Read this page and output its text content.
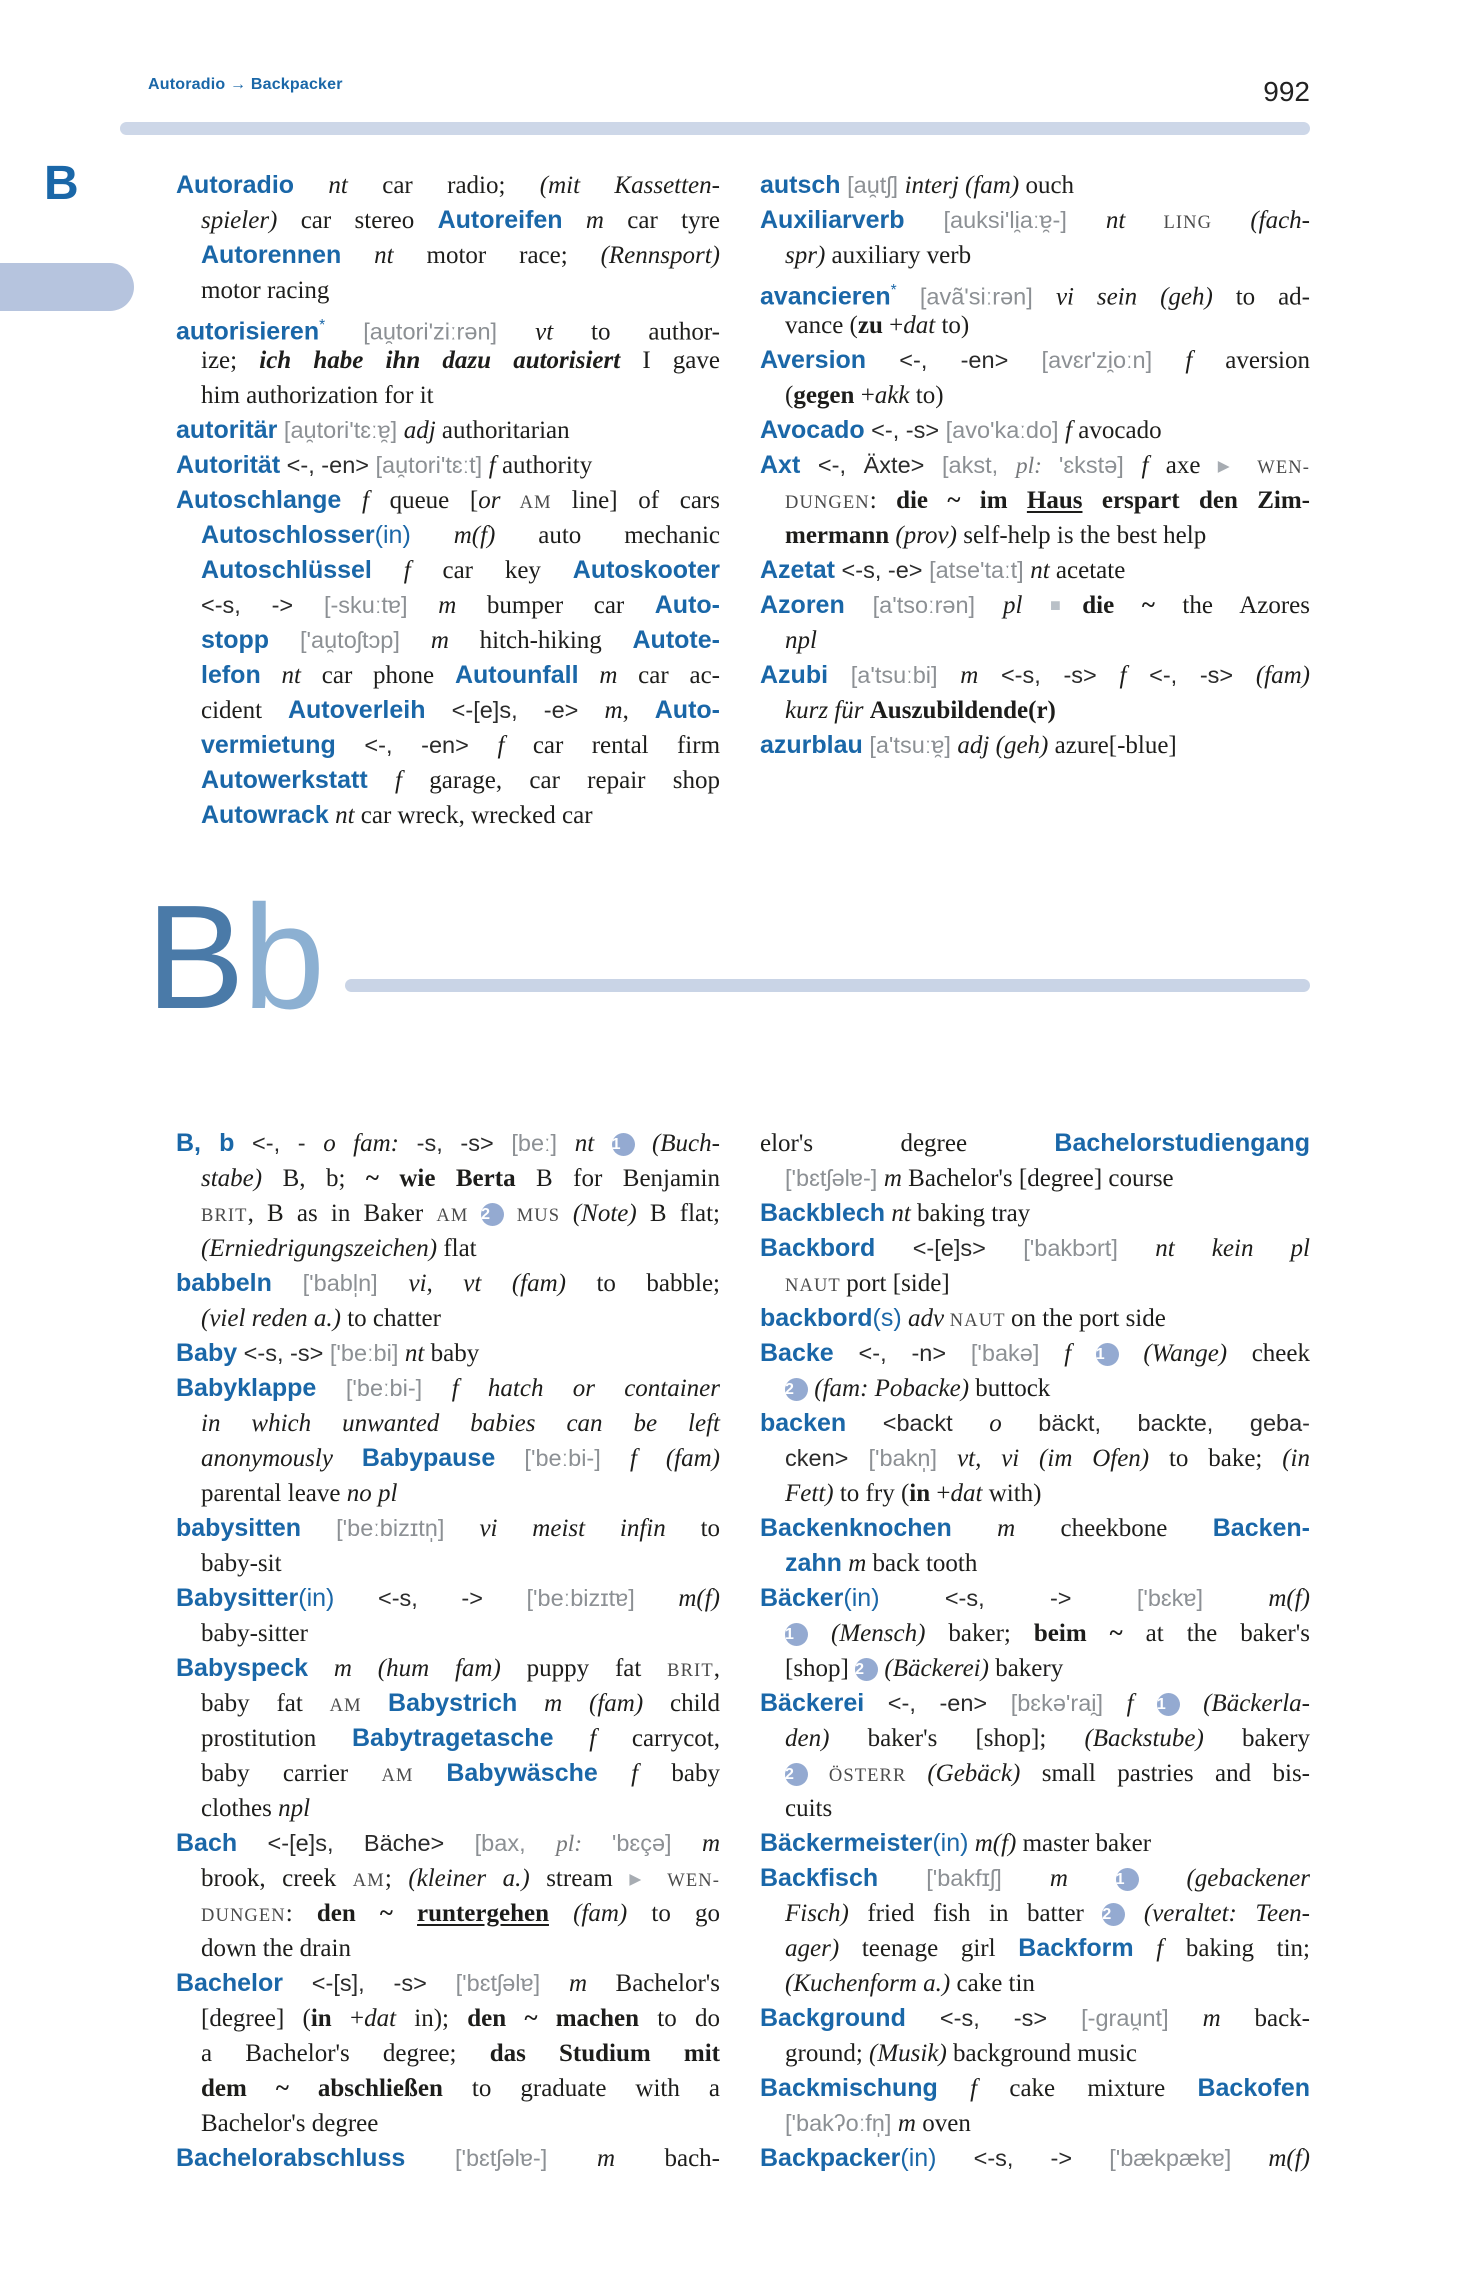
Autoradio → Backpacker	992
B	Autoradio nt car radio; (mit Kassetten-
spieler) car stereo Autoreifen m car tyre
Autorennen nt motor race; (Rennsport)
motor racing
autorisieren* [au̯tori'ziːrən] vt to author-
ize; ich habe ihn dazu autorisiert I gave
him authorization for it
autoritär [au̯tori'tɛːɐ̯] adj authoritarian
Autorität <-, -en> [au̯tori'tɛːt] f authority
Autoschlange f queue [or AM line] of cars
Autoschlosser(in) m(f) auto mechanic
Autoschlüssel f car key Autoskooter
<-s, -> [-skuːtɐ] m bumper car Auto-
stopp ['au̯toʃtɔp] m hitch-hiking Autote-
lefon nt car phone Autounfall m car ac-
cident Autoverleih <-[e]s, -e> m, Auto-
vermietung <-, -en> f car rental firm
Autowerkstatt f garage, car repair shop
Autowrack nt car wreck, wrecked car
autsch [au̯tʃ] interj (fam) ouch
Auxiliarverb [auksi'li̯aːɐ̯-] nt LING (fach-
spr) auxiliary verb
avancieren* [avã'siːrən] vi sein (geh) to ad-
vance (zu +dat to)
Aversion <-, -en> [avɛr'zi̯oːn] f aversion
(gegen +akk to)
Avocado <-, -s> [avo'kaːdo] f avocado
Axt <-, Äxte> [akst, pl: 'ɛkstə] f axe ▶ WEN-
DUNGEN: die ~ im Haus erspart den Zim-
mermann (prov) self-help is the best help
Azetat <-s, -e> [atse'taːt] nt acetate
Azoren [a'tsoːrən] pl ■die ~ the Azores
npl
Azubi [a'tsuːbi] m <-s, -s> f <-, -s> (fam)
kurz für Auszubildende(r)
azurblau [a'tsuːɐ̯] adj (geh) azure[-blue]
B b
B, b <-, - o fam: -s, -s> [beː] nt 1 (Buch-
stabe) B, b; ~ wie Berta B for Benjamin
BRIT, B as in Baker AM 2 MUS (Note) B flat;
(Erniedrigungszeichen) flat
babbeln ['babl̩n] vi, vt (fam) to babble;
(viel reden a.) to chatter
Baby <-s, -s> ['beːbi] nt baby
Babyklappe ['beːbi-] f hatch or container
in which unwanted babies can be left
anonymously Babypause ['beːbi-] f (fam)
parental leave no pl
babysitten ['beːbizɪtn̩] vi meist infin to
baby-sit
Babysitter(in) <-s, -> ['beːbizɪtɐ] m(f)
baby-sitter
Babyspeck m (hum fam) puppy fat BRIT,
baby fat AM Babystrich m (fam) child
prostitution Babytragetasche f carrycot,
baby carrier AM Babywäsche f baby
clothes npl
Bach <-[e]s, Bäche> [bax, pl: 'bɛçə] m
brook, creek AM; (kleiner a.) stream ▶ WEN-
DUNGEN: den ~ runtergehen (fam) to go
down the drain
Bachelor <-[s], -s> ['bɛtʃəlɐ] m Bachelor's
[degree] (in +dat in); den ~ machen to do
a Bachelor's degree; das Studium mit
dem ~ abschließen to graduate with a
Bachelor's degree
Bachelorabschluss ['bɛtʃəlɐ-] m bach-
elor's degree Bachelorstudiengang
['bɛtʃəlɐ-] m Bachelor's [degree] course
Backblech nt baking tray
Backbord <-[e]s> ['bakbɔrt] nt kein pl
NAUT port [side]
backbord(s) adv NAUT on the port side
Backe <-, -n> ['bakə] f 1 (Wange) cheek
2 (fam: Pobacke) buttock
backen <backt o bäckt, backte, geba-
cken> ['bakn̩] vt, vi (im Ofen) to bake; (in
Fett) to fry (in +dat with)
Backenknochen m cheekbone Backen-
zahn m back tooth
Bäcker(in) <-s, -> ['bɛkɐ] m(f)
1 (Mensch) baker; beim ~ at the baker's
[shop] 2 (Bäckerei) bakery
Bäckerei <-, -en> [bɛkə'rai̯] f 1 (Bäckerla-
den) baker's [shop]; (Backstube) bakery
2 ÖSTERR (Gebäck) small pastries and bis-
cuits
Bäckermeister(in) m(f) master baker
Backfisch ['bakfɪʃ] m 1 (gebackener
Fisch) fried fish in batter 2 (veraltet: Teen-
ager) teenage girl Backform f baking tin;
(Kuchenform a.) cake tin
Background <-s, -s> [-grau̯nt] m back-
ground; (Musik) background music
Backmischung f cake mixture Backofen
['bakʔoːfn̩] m oven
Backpacker(in) <-s, -> ['bækpækɐ] m(f)
